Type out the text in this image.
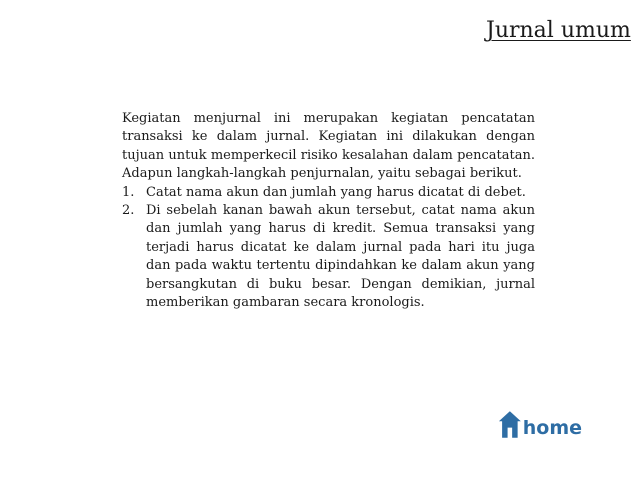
Jurnal umum

Kegiatan menjurnal ini merupakan kegiatan pencatatan transaksi ke dalam jurnal. Kegiatan ini dilakukan dengan tujuan untuk memperkecil risiko kesalahan dalam pencatatan. Adapun langkah-langkah penjurnalan, yaitu sebagai berikut.

1. Catat nama akun dan jumlah yang harus dicatat di debet.
2. Di sebelah kanan bawah akun tersebut, catat nama akun dan jumlah yang harus di kredit. Semua transaksi yang terjadi harus dicatat ke dalam jurnal pada hari itu juga dan pada waktu tertentu dipindahkan ke dalam akun yang bersangkutan di buku besar. Dengan demikian, jurnal memberikan gambaran secara kronologis.
home
